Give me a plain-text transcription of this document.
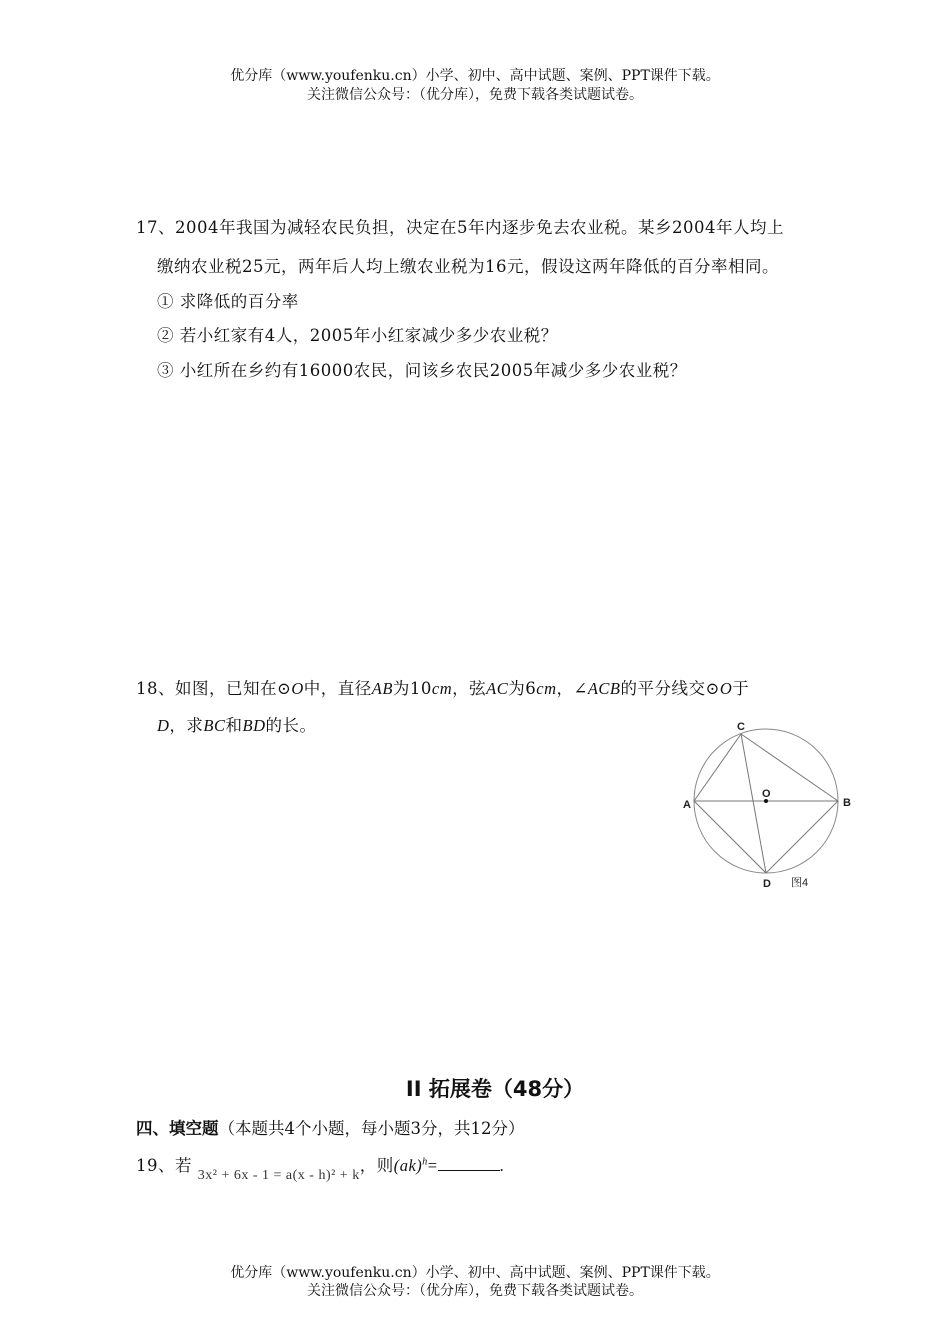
优分库（www.youfenku.cn）小学、初中、高中试题、案例、PPT课件下载。
关注微信公众号：（优分库），免费下载各类试题试卷。
17、2004年我国为减轻农民负担，决定在5年内逐步免去农业税。某乡2004年人均上
缴纳农业税25元，两年后人均上缴农业税为16元，假设这两年降低的百分率相同。
① 求降低的百分率
② 若小红家有4人，2005年小红家减少多少农业税？
③ 小红所在乡约有16000农民，问该乡农民2005年减少多少农业税？
18、如图，已知在⊙O中，直径AB为10cm，弦AC为6cm，∠ACB的平分线交⊙O于
D，求BC和BD的长。	C
A	B
D
O
图4
II 拓展卷（48分）
四、填空题（本题共4个小题，每小题3分，共12分）
19、若 $_{3x^2 + 6x - 1 = a(x - h)^2 + k}$，则(ak)$^h$=	.
优分库（www.youfenku.cn）小学、初中、高中试题、案例、PPT课件下载。
关注微信公众号：（优分库），免费下载各类试题试卷。
